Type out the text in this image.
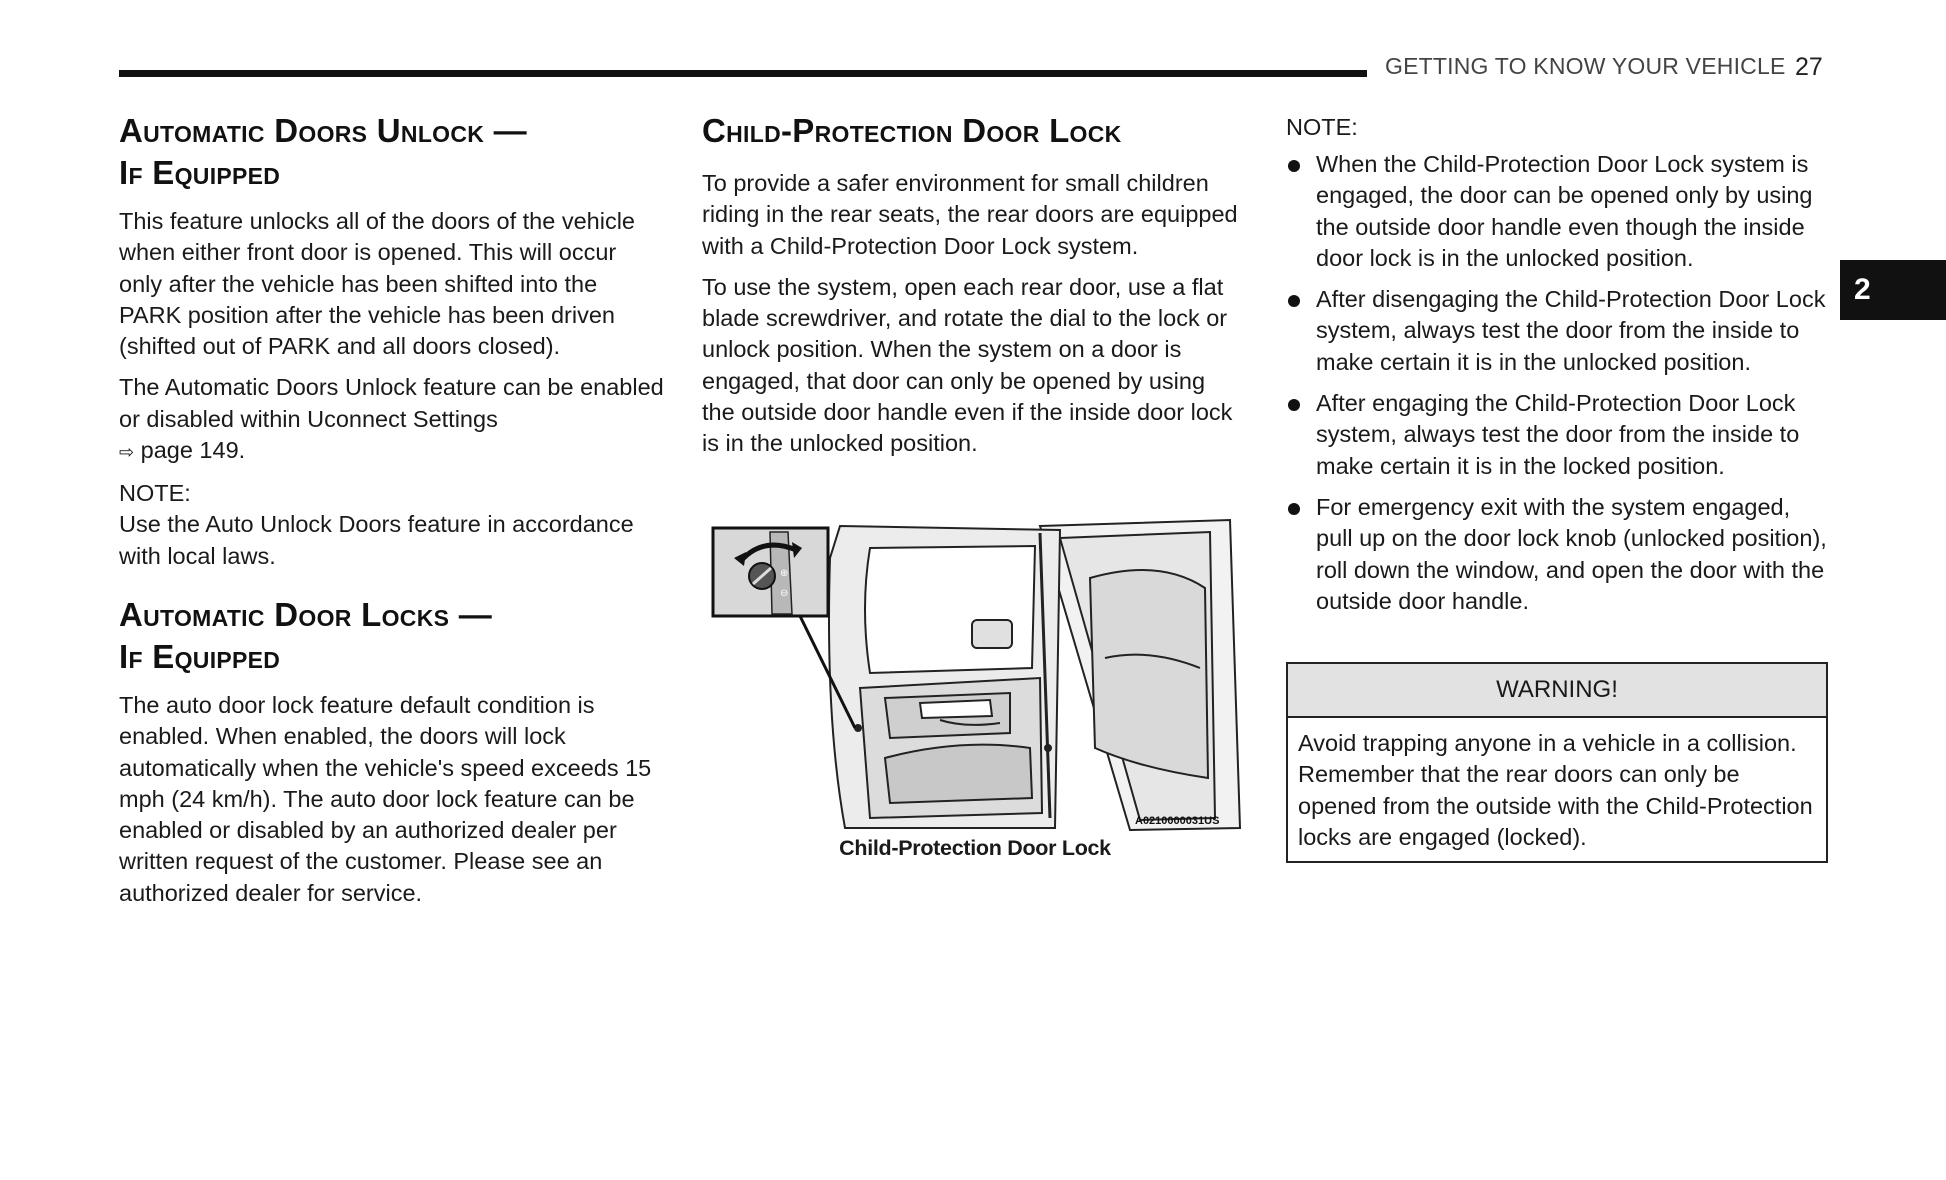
GETTING TO KNOW YOUR VEHICLE 27
2
Automatic Doors Unlock —
If Equipped

This feature unlocks all of the doors of the vehicle when either front door is opened. This will occur only after the vehicle has been shifted into the PARK position after the vehicle has been driven (shifted out of PARK and all doors closed).

The Automatic Doors Unlock feature can be enabled or disabled within Uconnect Settings
⇨ page 149.

NOTE:

Use the Auto Unlock Doors feature in accordance with local laws.

Automatic Door Locks —
If Equipped

The auto door lock feature default condition is enabled. When enabled, the doors will lock automatically when the vehicle's speed exceeds 15 mph (24 km/h). The auto door lock feature can be enabled or disabled by an authorized dealer per written request of the customer. Please see an authorized dealer for service.

Child-Protection Door Lock

To provide a safer environment for small children riding in the rear seats, the rear doors are equipped with a Child-Protection Door Lock system.

To use the system, open each rear door, use a flat blade screwdriver, and rotate the dial to the lock or unlock position. When the system on a door is engaged, that door can only be opened by using the outside door handle even if the inside door lock is in the unlocked position.

⊕
⊖
A0210000031US
Child-Protection Door Lock
NOTE:
When the Child-Protection Door Lock system is engaged, the door can be opened only by using the outside door handle even though the inside door lock is in the unlocked position.
After disengaging the Child-Protection Door Lock system, always test the door from the inside to make certain it is in the unlocked position.
After engaging the Child-Protection Door Lock system, always test the door from the inside to make certain it is in the locked position.
For emergency exit with the system engaged, pull up on the door lock knob (unlocked position), roll down the window, and open the door with the outside door handle.
WARNING!
Avoid trapping anyone in a vehicle in a collision. Remember that the rear doors can only be opened from the outside with the Child-Protection locks are engaged (locked).
